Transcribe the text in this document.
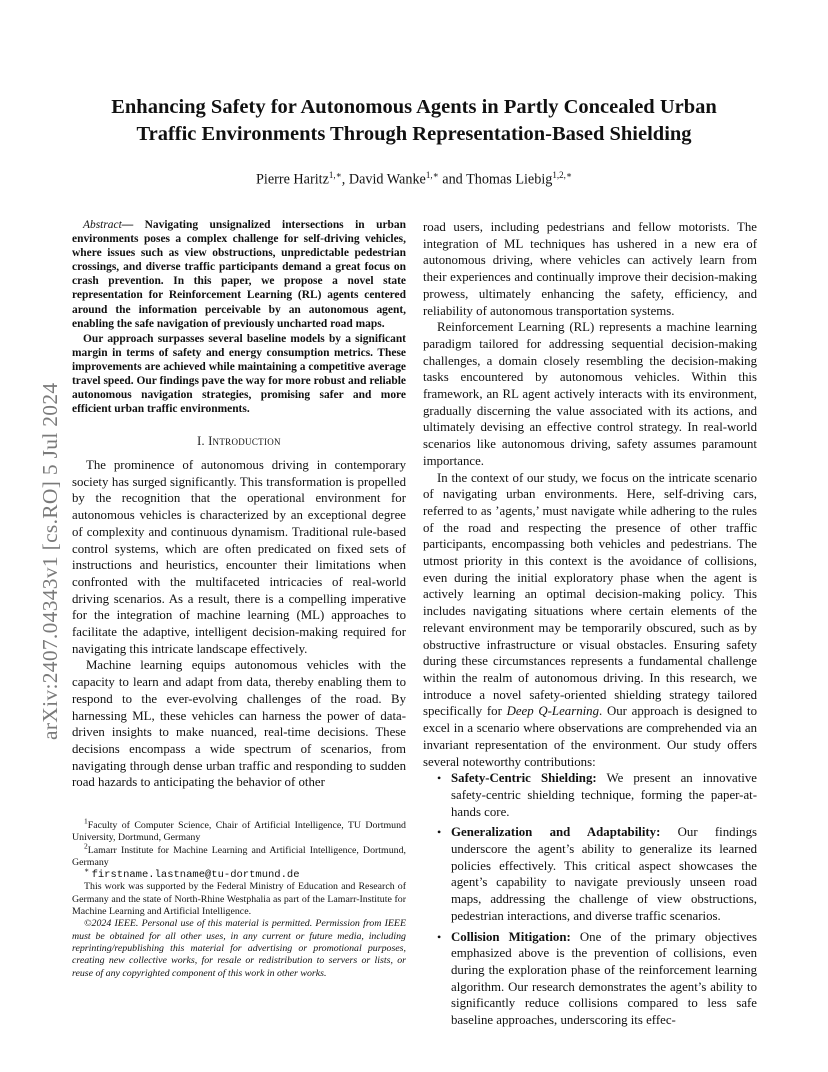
arXiv:2407.04343v1 [cs.RO] 5 Jul 2024
Enhancing Safety for Autonomous Agents in Partly Concealed Urban
Traffic Environments Through Representation-Based Shielding

Pierre Haritz$^{1,∗}$, David Wanke$^{1,∗}$ and Thomas Liebig$^{1,2,∗}$

Abstract— Navigating unsignalized intersections in urban environments poses a complex challenge for self-driving vehicles, where issues such as view obstructions, unpredictable pedestrian crossings, and diverse traffic participants demand a great focus on crash prevention. In this paper, we propose a novel state representation for Reinforcement Learning (RL) agents centered around the information perceivable by an autonomous agent, enabling the safe navigation of previously uncharted road maps.

Our approach surpasses several baseline models by a significant margin in terms of safety and energy consumption metrics. These improvements are achieved while maintaining a competitive average travel speed. Our findings pave the way for more robust and reliable autonomous navigation strategies, promising safer and more efficient urban traffic environments.

I. Introduction

The prominence of autonomous driving in contemporary society has surged significantly. This transformation is propelled by the recognition that the operational environment for autonomous vehicles is characterized by an exceptional degree of complexity and continuous dynamism. Traditional rule-based control systems, which are often predicated on fixed sets of instructions and heuristics, encounter their limitations when confronted with the multifaceted intricacies of real-world driving scenarios. As a result, there is a compelling imperative for the integration of machine learning (ML) approaches to facilitate the adaptive, intelligent decision-making required for navigating this intricate landscape effectively.

Machine learning equips autonomous vehicles with the capacity to learn and adapt from data, thereby enabling them to respond to the ever-evolving challenges of the road. By harnessing ML, these vehicles can harness the power of data-driven insights to make nuanced, real-time decisions. These decisions encompass a wide spectrum of scenarios, from navigating through dense urban traffic and responding to sudden road hazards to anticipating the behavior of other

$^1$Faculty of Computer Science, Chair of Artificial Intelligence, TU Dortmund University, Dortmund, Germany

$^2$Lamarr Institute for Machine Learning and Artificial Intelligence, Dortmund, Germany

∗ firstname.lastname@tu-dortmund.de

This work was supported by the Federal Ministry of Education and Research of Germany and the state of North-Rhine Westphalia as part of the Lamarr-Institute for Machine Learning and Artificial Intelligence.

©2024 IEEE. Personal use of this material is permitted. Permission from IEEE must be obtained for all other uses, in any current or future media, including reprinting/republishing this material for advertising or promotional purposes, creating new collective works, for resale or redistribution to servers or lists, or reuse of any copyrighted component of this work in other works.

road users, including pedestrians and fellow motorists. The integration of ML techniques has ushered in a new era of autonomous driving, where vehicles can actively learn from their experiences and continually improve their decision-making prowess, ultimately enhancing the safety, efficiency, and reliability of autonomous transportation systems.

Reinforcement Learning (RL) represents a machine learning paradigm tailored for addressing sequential decision-making challenges, a domain closely resembling the decision-making tasks encountered by autonomous vehicles. Within this framework, an RL agent actively interacts with its environment, gradually discerning the value associated with its actions, and ultimately devising an effective control strategy. In real-world scenarios like autonomous driving, safety assumes paramount importance.

In the context of our study, we focus on the intricate scenario of navigating urban environments. Here, self-driving cars, referred to as ’agents,’ must navigate while adhering to the rules of the road and respecting the presence of other traffic participants, encompassing both vehicles and pedestrians. The utmost priority in this context is the avoidance of collisions, even during the initial exploratory phase when the agent is actively learning an optimal decision-making policy. This includes navigating situations where certain elements of the relevant environment may be temporarily obscured, such as by obstructive infrastructure or visual obstacles. Ensuring safety during these circumstances represents a fundamental challenge within the realm of autonomous driving. In this research, we introduce a novel safety-oriented shielding strategy tailored specifically for Deep Q-Learning. Our approach is designed to excel in a scenario where observations are comprehended via an invariant representation of the environment. Our study offers several noteworthy contributions:

• Safety-Centric Shielding: We present an innovative safety-centric shielding technique, forming the paper-at-hands core.
• Generalization and Adaptability: Our findings underscore the agent’s ability to generalize its learned policies effectively. This critical aspect showcases the agent’s capability to navigate previously unseen road maps, addressing the challenge of view obstructions, pedestrian interactions, and diverse traffic scenarios.
• Collision Mitigation: One of the primary objectives emphasized above is the prevention of collisions, even during the exploration phase of the reinforcement learning algorithm. Our research demonstrates the agent’s ability to significantly reduce collisions compared to less safe baseline approaches, underscoring its effec-
